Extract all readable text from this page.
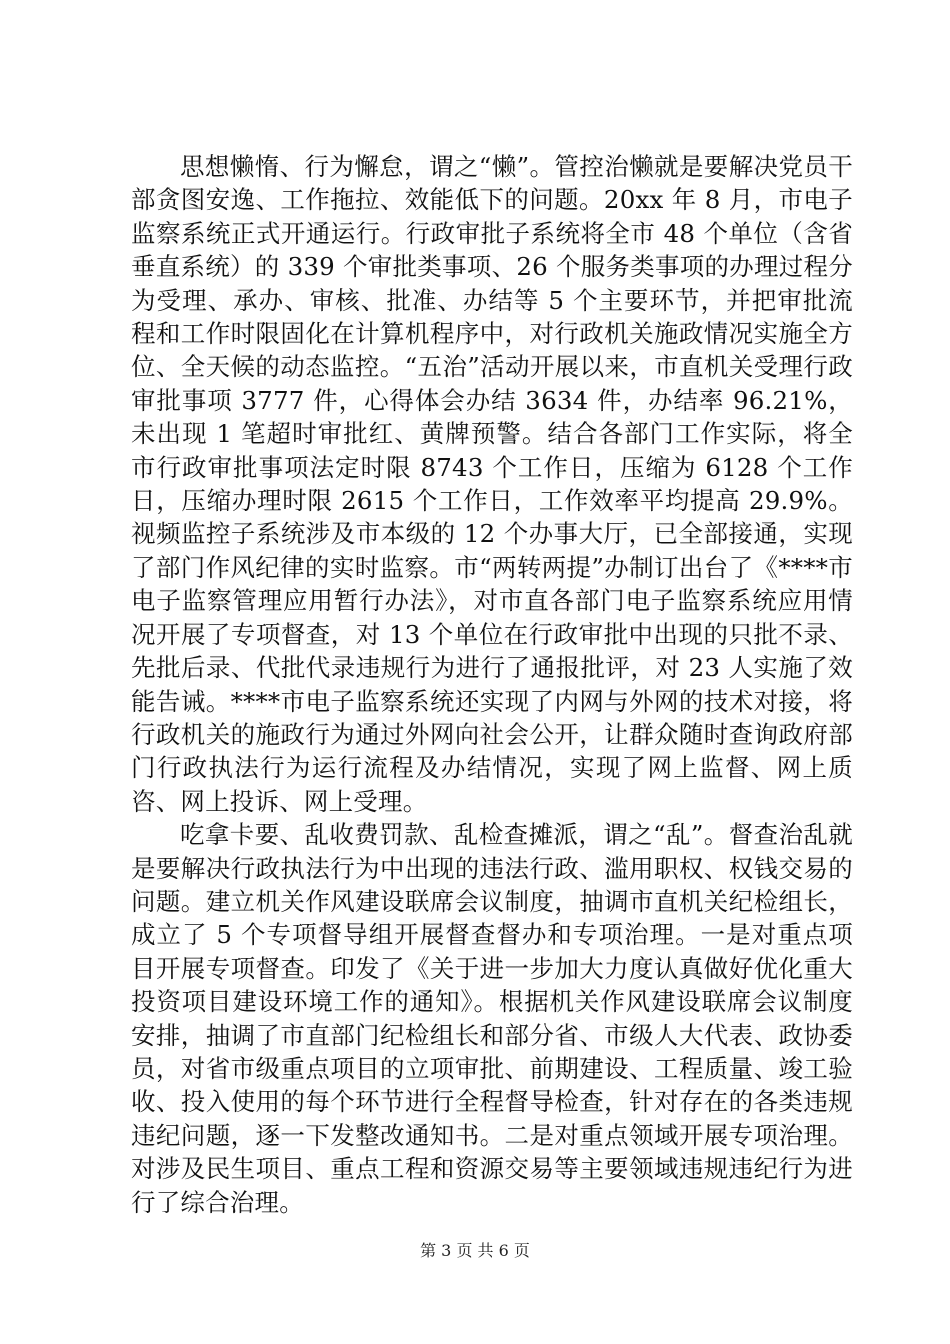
思想懒惰、行为懈怠，谓之“懒”。管控治懒就是要解决党员干部贪图安逸、工作拖拉、效能低下的问题。20xx 年 8 月，市电子监察系统正式开通运行。行政审批子系统将全市 48 个单位（含省垂直系统）的 339 个审批类事项、26 个服务类事项的办理过程分为受理、承办、审核、批准、办结等 5 个主要环节，并把审批流程和工作时限固化在计算机程序中，对行政机关施政情况实施全方位、全天候的动态监控。“五治”活动开展以来，市直机关受理行政审批事项 3777 件，心得体会办结 3634 件，办结率 96.21%，未出现 1 笔超时审批红、黄牌预警。结合各部门工作实际，将全市行政审批事项法定时限 8743 个工作日，压缩为 6128 个工作日，压缩办理时限 2615 个工作日，工作效率平均提高 29.9%。视频监控子系统涉及市本级的 12 个办事大厅，已全部接通，实现了部门作风纪律的实时监察。市“两转两提”办制订出台了《****市电子监察管理应用暂行办法》，对市直各部门电子监察系统应用情况开展了专项督查，对 13 个单位在行政审批中出现的只批不录、先批后录、代批代录违规行为进行了通报批评，对 23 人实施了效能告诫。****市电子监察系统还实现了内网与外网的技术对接，将行政机关的施政行为通过外网向社会公开，让群众随时查询政府部门行政执法行为运行流程及办结情况，实现了网上监督、网上质咨、网上投诉、网上受理。

吃拿卡要、乱收费罚款、乱检查摊派，谓之“乱”。督查治乱就是要解决行政执法行为中出现的违法行政、滥用职权、权钱交易的问题。建立机关作风建设联席会议制度，抽调市直机关纪检组长，成立了 5 个专项督导组开展督查督办和专项治理。一是对重点项目开展专项督查。印发了《关于进一步加大力度认真做好优化重大投资项目建设环境工作的通知》。根据机关作风建设联席会议制度安排，抽调了市直部门纪检组长和部分省、市级人大代表、政协委员，对省市级重点项目的立项审批、前期建设、工程质量、竣工验收、投入使用的每个环节进行全程督导检查，针对存在的各类违规违纪问题，逐一下发整改通知书。二是对重点领域开展专项治理。对涉及民生项目、重点工程和资源交易等主要领域违规违纪行为进行了综合治理。

第 3 页 共 6 页
